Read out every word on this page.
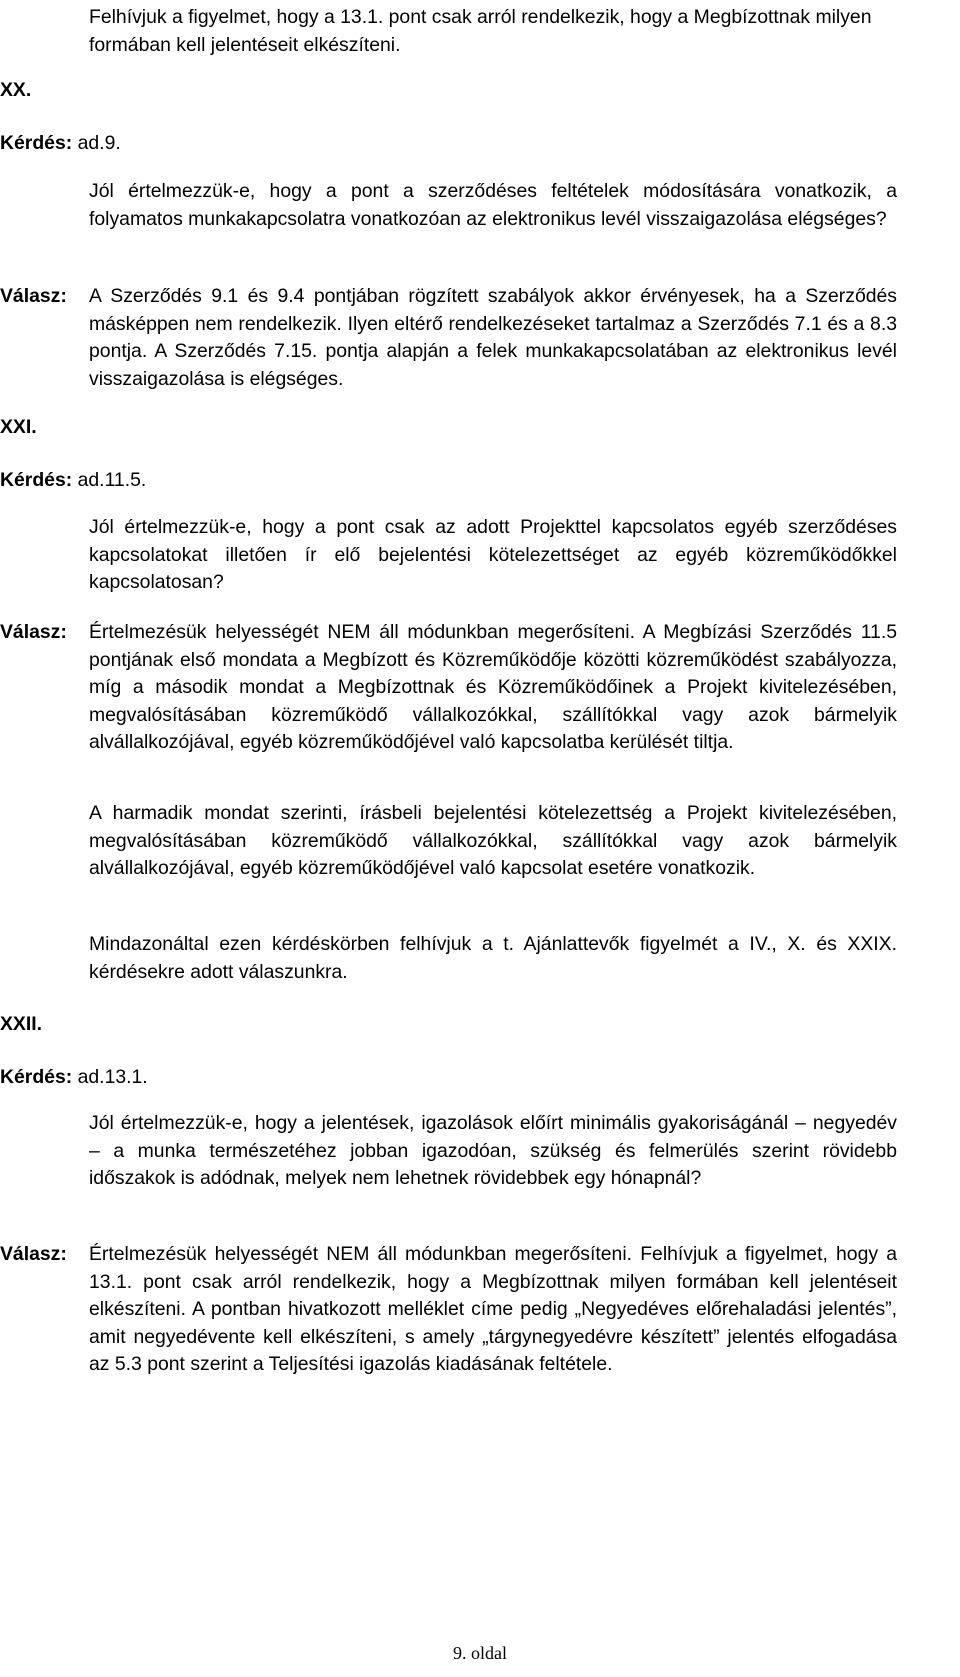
Felhívjuk a figyelmet, hogy a 13.1. pont csak arról rendelkezik, hogy a Megbízottnak milyen formában kell jelentéseit elkészíteni.
XX.
Kérdés: ad.9.
Jól értelmezzük-e, hogy a pont a szerződéses feltételek módosítására vonatkozik, a folyamatos munkakapcsolatra vonatkozóan az elektronikus levél visszaigazolása elégséges?
Válasz: A Szerződés 9.1 és 9.4 pontjában rögzített szabályok akkor érvényesek, ha a Szerződés másképpen nem rendelkezik. Ilyen eltérő rendelkezéseket tartalmaz a Szerződés 7.1 és a 8.3 pontja. A Szerződés 7.15. pontja alapján a felek munkakapcsolatában az elektronikus levél visszaigazolása is elégséges.
XXI.
Kérdés: ad.11.5.
Jól értelmezzük-e, hogy a pont csak az adott Projekttel kapcsolatos egyéb szerződéses kapcsolatokat illetően ír elő bejelentési kötelezettséget az egyéb közreműködőkkel kapcsolatosan?
Válasz: Értelmezésük helyességét NEM áll módunkban megerősíteni. A Megbízási Szerződés 11.5 pontjának első mondata a Megbízott és Közreműködője közötti közreműködést szabályozza, míg a második mondat a Megbízottnak és Közreműködőinek a Projekt kivitelezésében, megvalósításában közreműködő vállalkozókkal, szállítókkal vagy azok bármelyik alvállalkozójával, egyéb közreműködőjével való kapcsolatba kerülését tiltja.
A harmadik mondat szerinti, írásbeli bejelentési kötelezettség a Projekt kivitelezésében, megvalósításában közreműködő vállalkozókkal, szállítókkal vagy azok bármelyik alvállalkozójával, egyéb közreműködőjével való kapcsolat esetére vonatkozik.
Mindazonáltal ezen kérdéskörben felhívjuk a t. Ajánlattevők figyelmét a IV., X. és XXIX. kérdésekre adott válaszunkra.
XXII.
Kérdés: ad.13.1.
Jól értelmezzük-e, hogy a jelentések, igazolások előírt minimális gyakoriságánál – negyedév – a munka természetéhez jobban igazodóan, szükség és felmerülés szerint rövidebb időszakok is adódnak, melyek nem lehetnek rövidebbek egy hónapnál?
Válasz: Értelmezésük helyességét NEM áll módunkban megerősíteni. Felhívjuk a figyelmet, hogy a 13.1. pont csak arról rendelkezik, hogy a Megbízottnak milyen formában kell jelentéseit elkészíteni. A pontban hivatkozott melléklet címe pedig „Negyedéves előrehaladási jelentés”, amit negyedévente kell elkészíteni, s amely „tárgynegyedévre készített” jelentés elfogadása az 5.3 pont szerint a Teljesítési igazolás kiadásának feltétele.
9. oldal
